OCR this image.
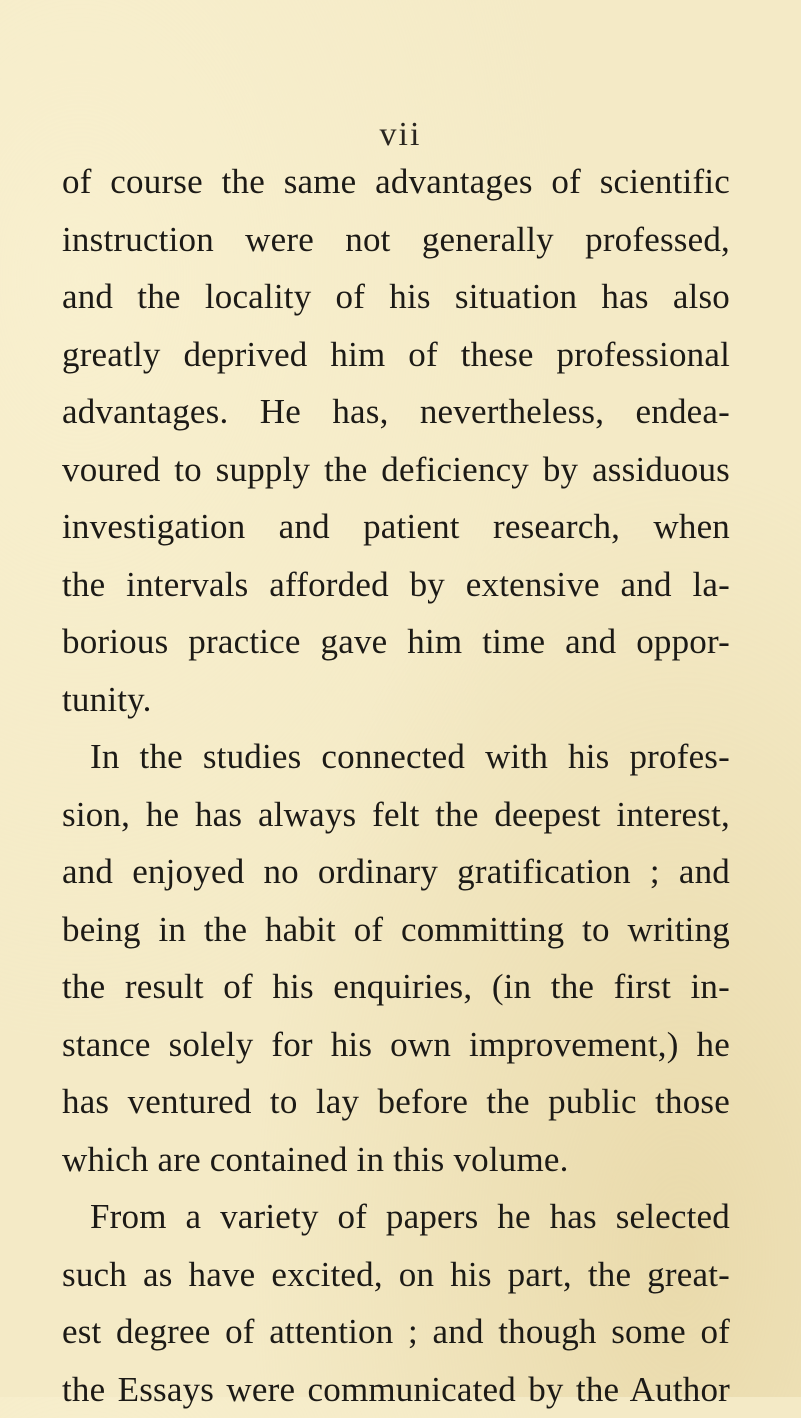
vii
of course the same advantages of scientific
instruction were not generally professed,
and the locality of his situation has also
greatly deprived him of these professional
advantages. He has, nevertheless, endea-
voured to supply the deficiency by assiduous
investigation and patient research, when
the intervals afforded by extensive and la-
borious practice gave him time and oppor-
tunity.
In the studies connected with his profes-
sion, he has always felt the deepest interest,
and enjoyed no ordinary gratification ; and
being in the habit of committing to writing
the result of his enquiries, (in the first in-
stance solely for his own improvement,) he
has ventured to lay before the public those
which are contained in this volume.
From a variety of papers he has selected
such as have excited, on his part, the great-
est degree of attention ; and though some of
the Essays were communicated by the Author
